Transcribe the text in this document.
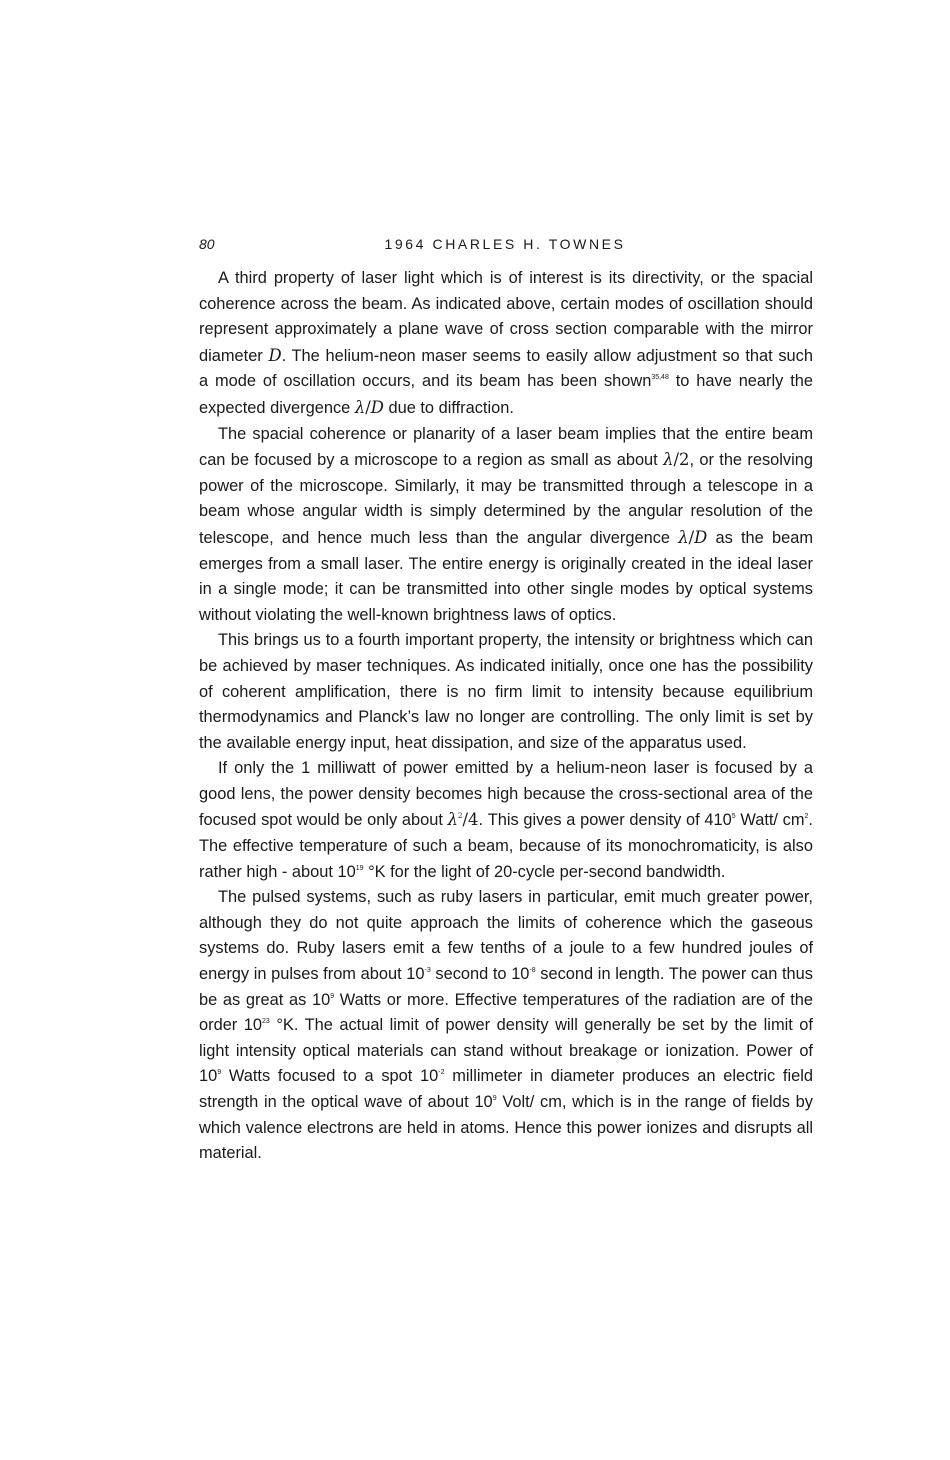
80	1964 CHARLES H. TOWNES

A third property of laser light which is of interest is its directivity, or the spacial coherence across the beam. As indicated above, certain modes of oscillation should represent approximately a plane wave of cross section comparable with the mirror diameter D. The helium-neon maser seems to easily allow adjustment so that such a mode of oscillation occurs, and its beam has been shown$^{35,48}$ to have nearly the expected divergence λ/D due to diffraction.

The spacial coherence or planarity of a laser beam implies that the entire beam can be focused by a microscope to a region as small as about λ/2, or the resolving power of the microscope. Similarly, it may be transmitted through a telescope in a beam whose angular width is simply determined by the angular resolution of the telescope, and hence much less than the angular divergence λ/D as the beam emerges from a small laser. The entire energy is originally created in the ideal laser in a single mode; it can be transmitted into other single modes by optical systems without violating the well-known brightness laws of optics.

This brings us to a fourth important property, the intensity or brightness which can be achieved by maser techniques. As indicated initially, once one has the possibility of coherent amplification, there is no firm limit to intensity because equilibrium thermodynamics and Planck’s law no longer are controlling. The only limit is set by the available energy input, heat dissipation, and size of the apparatus used.

If only the 1 milliwatt of power emitted by a helium-neon laser is focused by a good lens, the power density becomes high because the cross-sectional area of the focused spot would be only about $\lambda^2/4$. This gives a power density of $410^5$ Watt/ $cm^2$. The effective temperature of such a beam, because of its monochromaticity, is also rather high - about $10^{19}$ °K for the light of 20-cycle per-second bandwidth.

The pulsed systems, such as ruby lasers in particular, emit much greater power, although they do not quite approach the limits of coherence which the gaseous systems do. Ruby lasers emit a few tenths of a joule to a few hundred joules of energy in pulses from about $10^{-3}$ second to $10^{-8}$ second in length. The power can thus be as great as $10^9$ Watts or more. Effective temperatures of the radiation are of the order $10^{23}$ °K. The actual limit of power density will generally be set by the limit of light intensity optical materials can stand without breakage or ionization. Power of $10^9$ Watts focused to a spot $10^{-2}$ millimeter in diameter produces an electric field strength in the optical wave of about $10^9$ Volt/ cm, which is in the range of fields by which valence electrons are held in atoms. Hence this power ionizes and disrupts all material.
